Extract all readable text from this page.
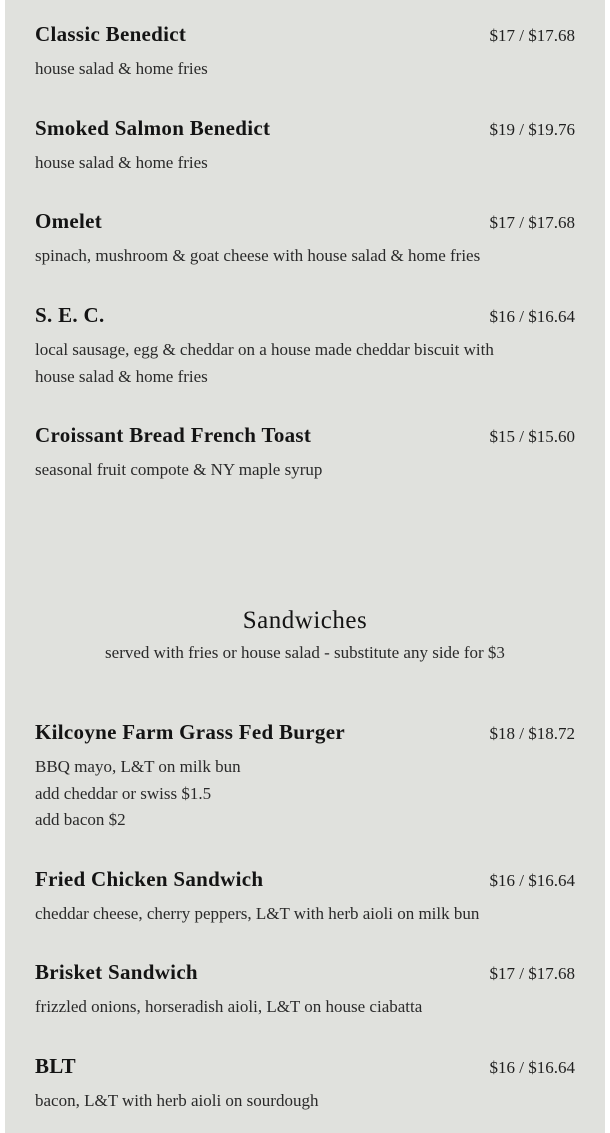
Classic Benedict	$17 / $17.68
house salad & home fries
Smoked Salmon Benedict	$19 / $19.76
house salad & home fries
Omelet	$17 / $17.68
spinach, mushroom & goat cheese with house salad & home fries
S. E. C.	$16 / $16.64
local sausage, egg & cheddar on a house made cheddar biscuit with
house salad & home fries
Croissant Bread French Toast	$15 / $15.60
seasonal fruit compote & NY maple syrup
Sandwiches
served with fries or house salad - substitute any side for $3
Kilcoyne Farm Grass Fed Burger	$18 / $18.72
BBQ mayo, L&T on milk bun
add cheddar or swiss $1.5
add bacon $2
Fried Chicken Sandwich	$16 / $16.64
cheddar cheese, cherry peppers, L&T with herb aioli on milk bun
Brisket Sandwich	$17 / $17.68
frizzled onions, horseradish aioli, L&T on house ciabatta
BLT	$16 / $16.64
bacon, L&T with herb aioli on sourdough
